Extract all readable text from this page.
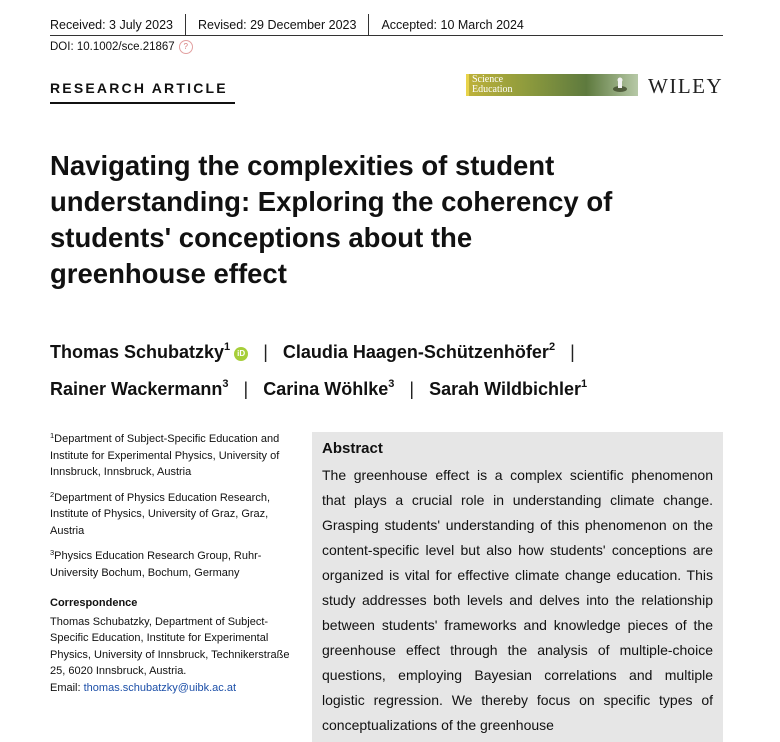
Received: 3 July 2023	Revised: 29 December 2023	Accepted: 10 March 2024
DOI: 10.1002/sce.21867	?
RESEARCH ARTICLE
Science
Education	WILEY
Navigating the complexities of student understanding: Exploring the coherency of students' conceptions about the greenhouse effect
Thomas Schubatzky$^1$iD | Claudia Haagen-Schützenhöfer$^2$ |
Rainer Wackermann$^3$ | Carina Wöhlke$^3$ | Sarah Wildbichler$^1$

$^1$Department of Subject-Specific Education and Institute for Experimental Physics, University of Innsbruck, Innsbruck, Austria

$^2$Department of Physics Education Research, Institute of Physics, University of Graz, Graz, Austria

$^3$Physics Education Research Group, Ruhr-University Bochum, Bochum, Germany

Correspondence

Thomas Schubatzky, Department of Subject-Specific Education, Institute for Experimental Physics, University of Innsbruck, Technikerstraße 25, 6020 Innsbruck, Austria.
Email: thomas.schubatzky@uibk.ac.at

Abstract

The greenhouse effect is a complex scientific phenomenon that plays a crucial role in understanding climate change. Grasping students' understanding of this phenomenon on the content-specific level but also how students' conceptions are organized is vital for effective climate change education. This study addresses both levels and delves into the relationship between students' frameworks and knowledge pieces of the greenhouse effect through the analysis of multiple-choice questions, employing Bayesian correlations and multiple logistic regression. We thereby focus on specific types of conceptualizations of the greenhouse
